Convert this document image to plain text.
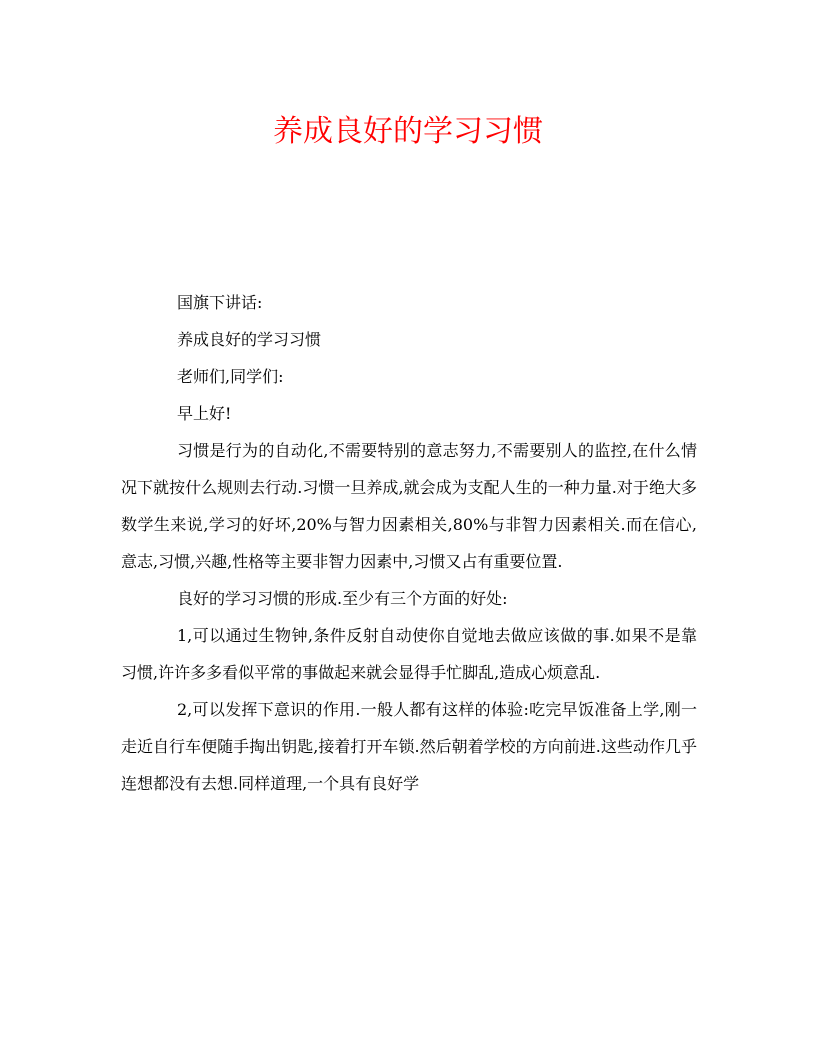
养成良好的学习习惯
国旗下讲话:
养成良好的学习习惯
老师们,同学们:
早上好!

习惯是行为的自动化,不需要特别的意志努力,不需要别人的监控,在什么情况下就按什么规则去行动.习惯一旦养成,就会成为支配人生的一种力量.对于绝大多数学生来说,学习的好坏,20%与智力因素相关,80%与非智力因素相关.而在信心,意志,习惯,兴趣,性格等主要非智力因素中,习惯又占有重要位置.

良好的学习习惯的形成.至少有三个方面的好处:

1,可以通过生物钟,条件反射自动使你自觉地去做应该做的事.如果不是靠习惯,许许多多看似平常的事做起来就会显得手忙脚乱,造成心烦意乱.

2,可以发挥下意识的作用.一般人都有这样的体验:吃完早饭准备上学,刚一走近自行车便随手掏出钥匙,接着打开车锁.然后朝着学校的方向前进.这些动作几乎连想都没有去想.同样道理,一个具有良好学
